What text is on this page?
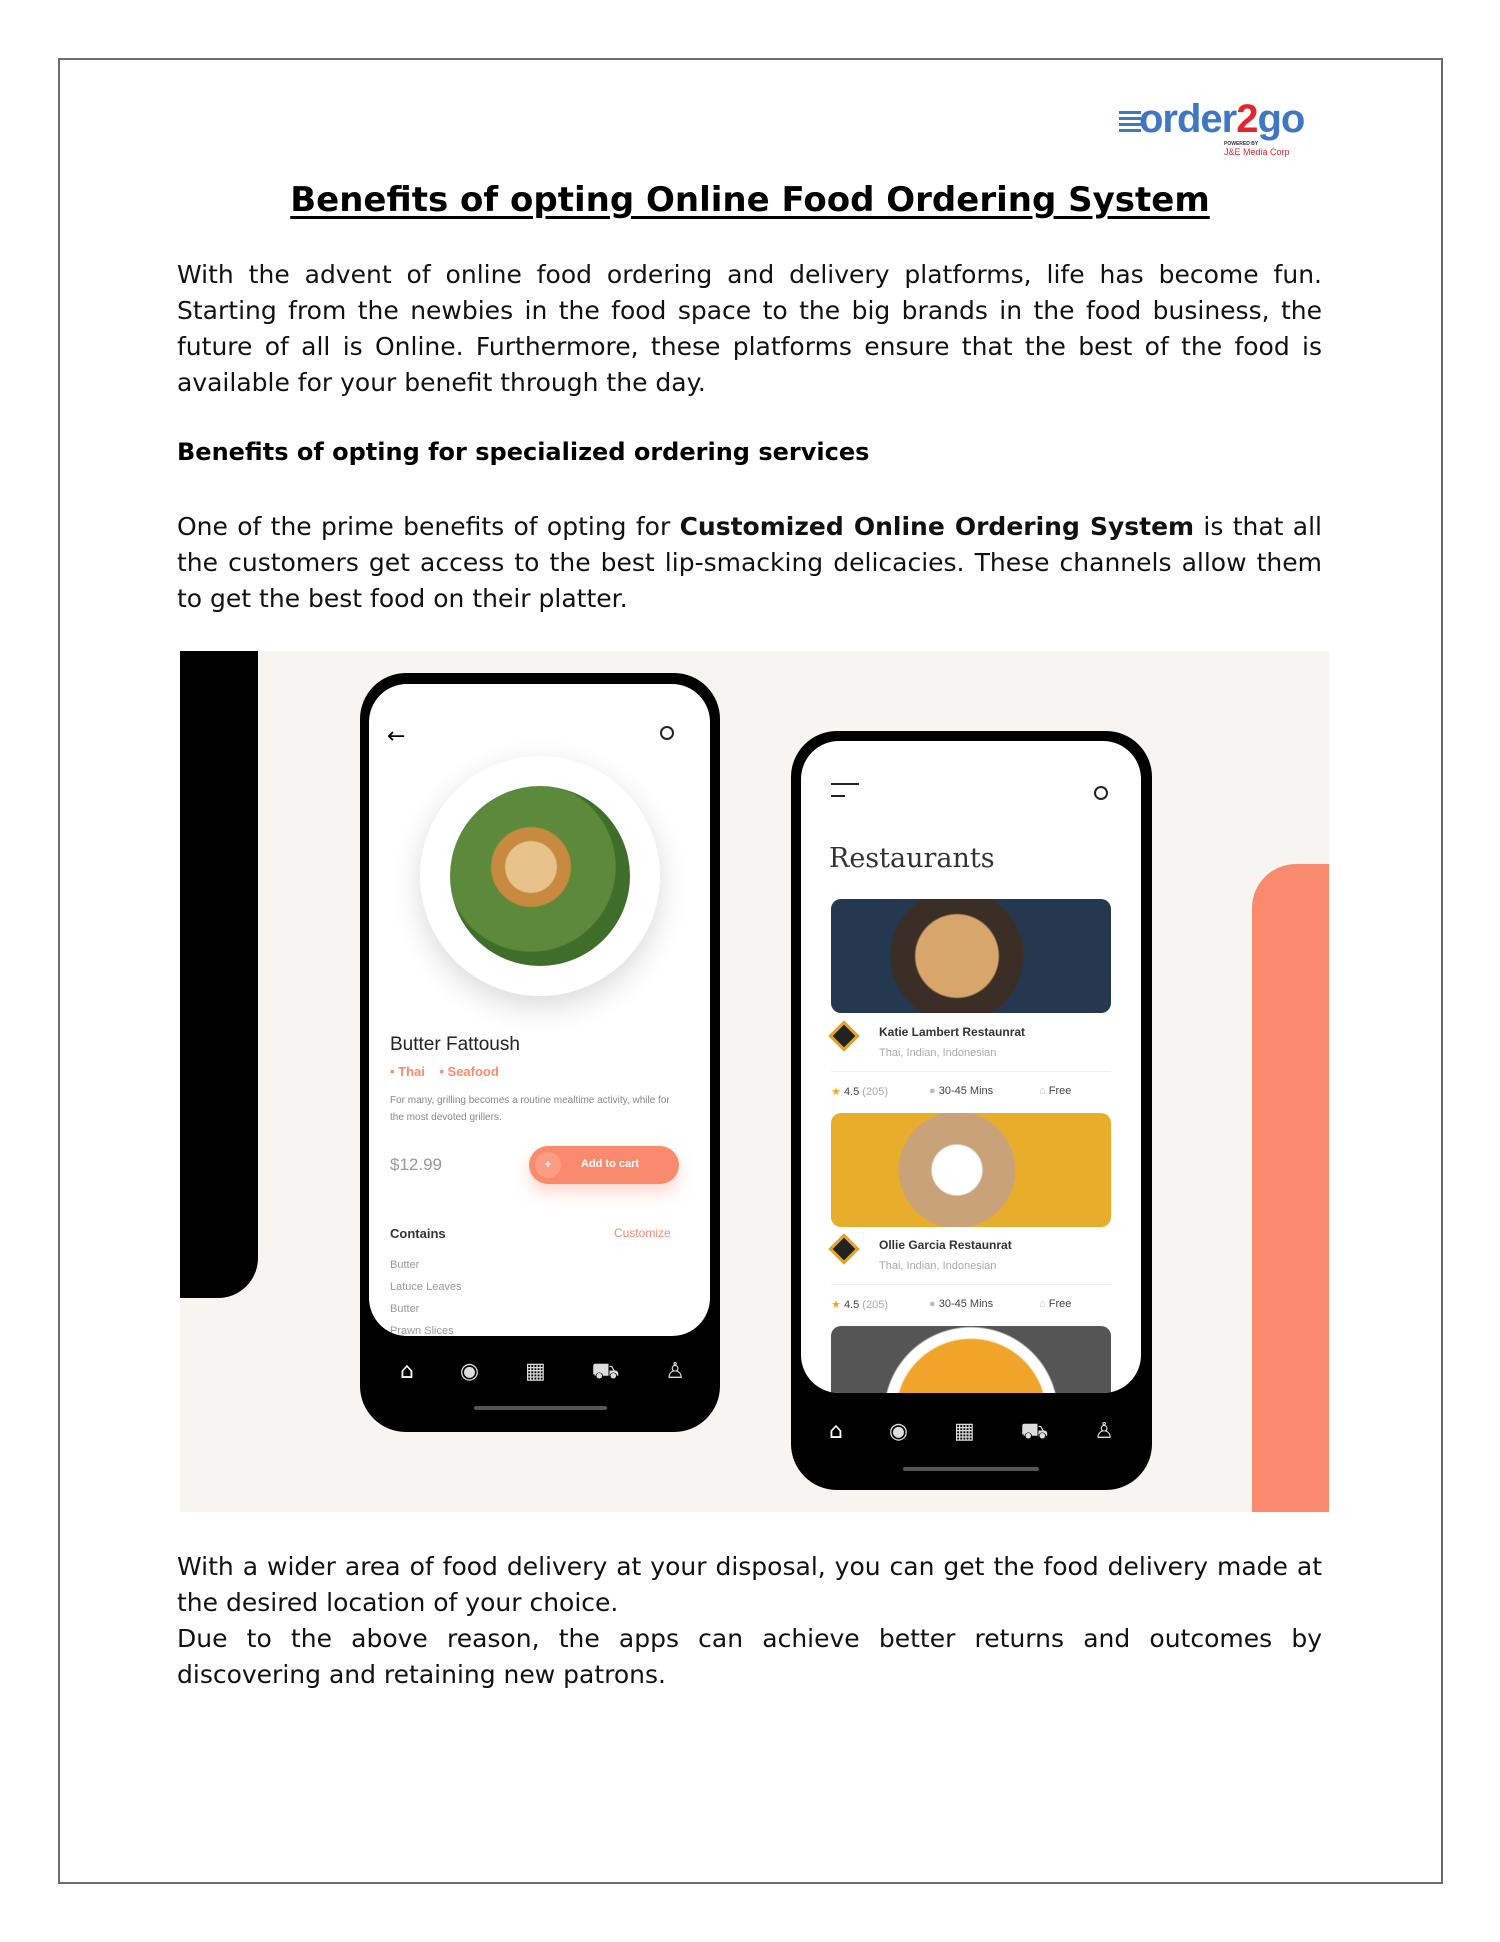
order2go
POWERED BY
J&E Media Corp
Benefits of opting Online Food Ordering System
With the advent of online food ordering and delivery platforms, life has become fun. Starting from the newbies in the food space to the big brands in the food business, the future of all is Online. Furthermore, these platforms ensure that the best of the food is available for your benefit through the day.
Benefits of opting for specialized ordering services
One of the prime benefits of opting for Customized Online Ordering System is that all the customers get access to the best lip-smacking delicacies. These channels allow them to get the best food on their platter.
←
Butter Fattoush
• Thai    • Seafood
For many, grilling becomes a routine mealtime activity, while for the most devoted grillers.
$12.99	+	Add to cart
Contains	Customize
Butter
Latuce Leaves
Butter
Prawn Slices
⌂ ◉ ▦ ⛟ ♙
Restaurants
Katie Lambert Restaunrat
Thai, Indian, Indonesian
★ 4.5 (205)	● 30-45 Mins	⌂ Free
Ollie Garcia Restaunrat
Thai, Indian, Indonesian
★ 4.5 (205)	● 30-45 Mins	⌂ Free
⌂ ◉ ▦ ⛟ ♙
With a wider area of food delivery at your disposal, you can get the food delivery made at the desired location of your choice.
Due to the above reason, the apps can achieve better returns and outcomes by discovering and retaining new patrons.
